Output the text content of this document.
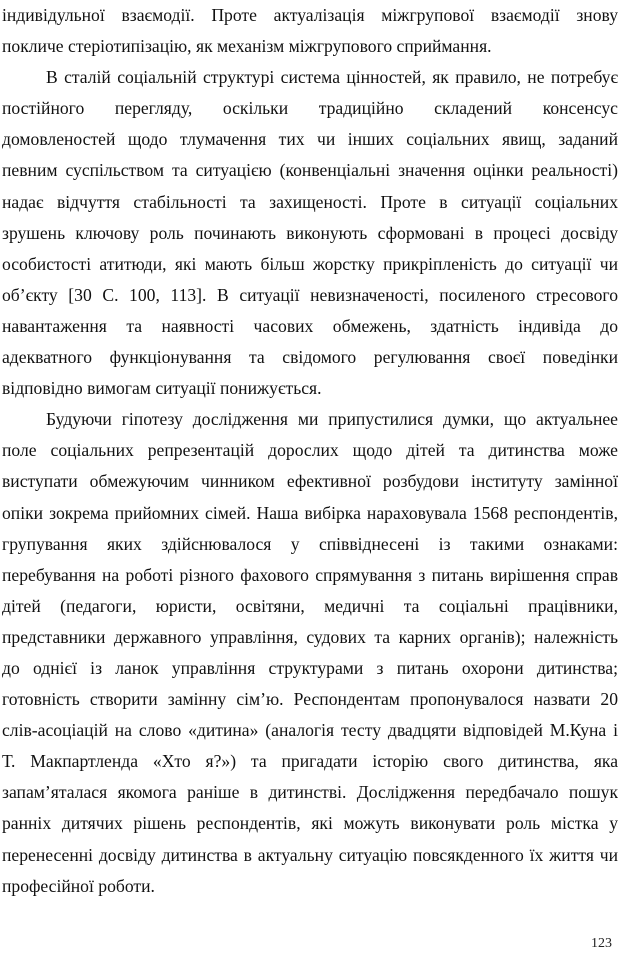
індивідульної взаємодії. Проте актуалізація міжгрупової взаємодії знову
покличе стеріотипізацію, як механізм міжгрупового сприймання.
В сталій соціальній структурі система цінностей, як правило, не потребує
постійного перегляду, оскільки традиційно складений консенсус
домовленостей щодо тлумачення тих чи інших соціальних явищ, заданий
певним суспільством та ситуацією (конвенціальні значення оцінки реальності)
надає відчуття стабільності та захищеності. Проте в ситуації соціальних
зрушень ключову роль починають виконують сформовані в процесі досвіду
особистості атитюди, які мають більш жорстку прикріпленість до ситуації чи
об’єкту [30 С. 100, 113]. В ситуації невизначеності, посиленого стресового
навантаження та наявності часових обмежень, здатність індивіда до
адекватного функціонування та свідомого регулювання своєї поведінки
відповідно вимогам ситуації понижується.
Будуючи гіпотезу дослідження ми припустилися думки, що актуальнее
поле соціальних репрезентацій дорослих щодо дітей та дитинства може
виступати обмежуючим чинником ефективної розбудови інституту замінної
опіки зокрема прийомних сімей. Наша вибірка нараховувала 1568 респондентів,
групування яких здійснювалося у співвіднесені із такими ознаками:
перебування на роботі різного фахового спрямування з питань вирішення справ
дітей (педагоги, юристи, освітяни, медичні та соціальні працівники,
представники державного управління, судових та карних органів); належність
до однієї із ланок управління структурами з питань охорони дитинства;
готовність створити замінну сім’ю. Респондентам пропонувалося назвати 20
слів-асоціацій на слово «дитина» (аналогія тесту двадцяти відповідей М.Куна і
Т. Макпартленда «Хто я?») та пригадати історію свого дитинства, яка
запам’яталася якомога раніше в дитинстві. Дослідження передбачало пошук
ранніх дитячих рішень респондентів, які можуть виконувати роль містка у
перенесенні досвіду дитинства в актуальну ситуацію повсякденного їх життя чи
професійної роботи.
123
